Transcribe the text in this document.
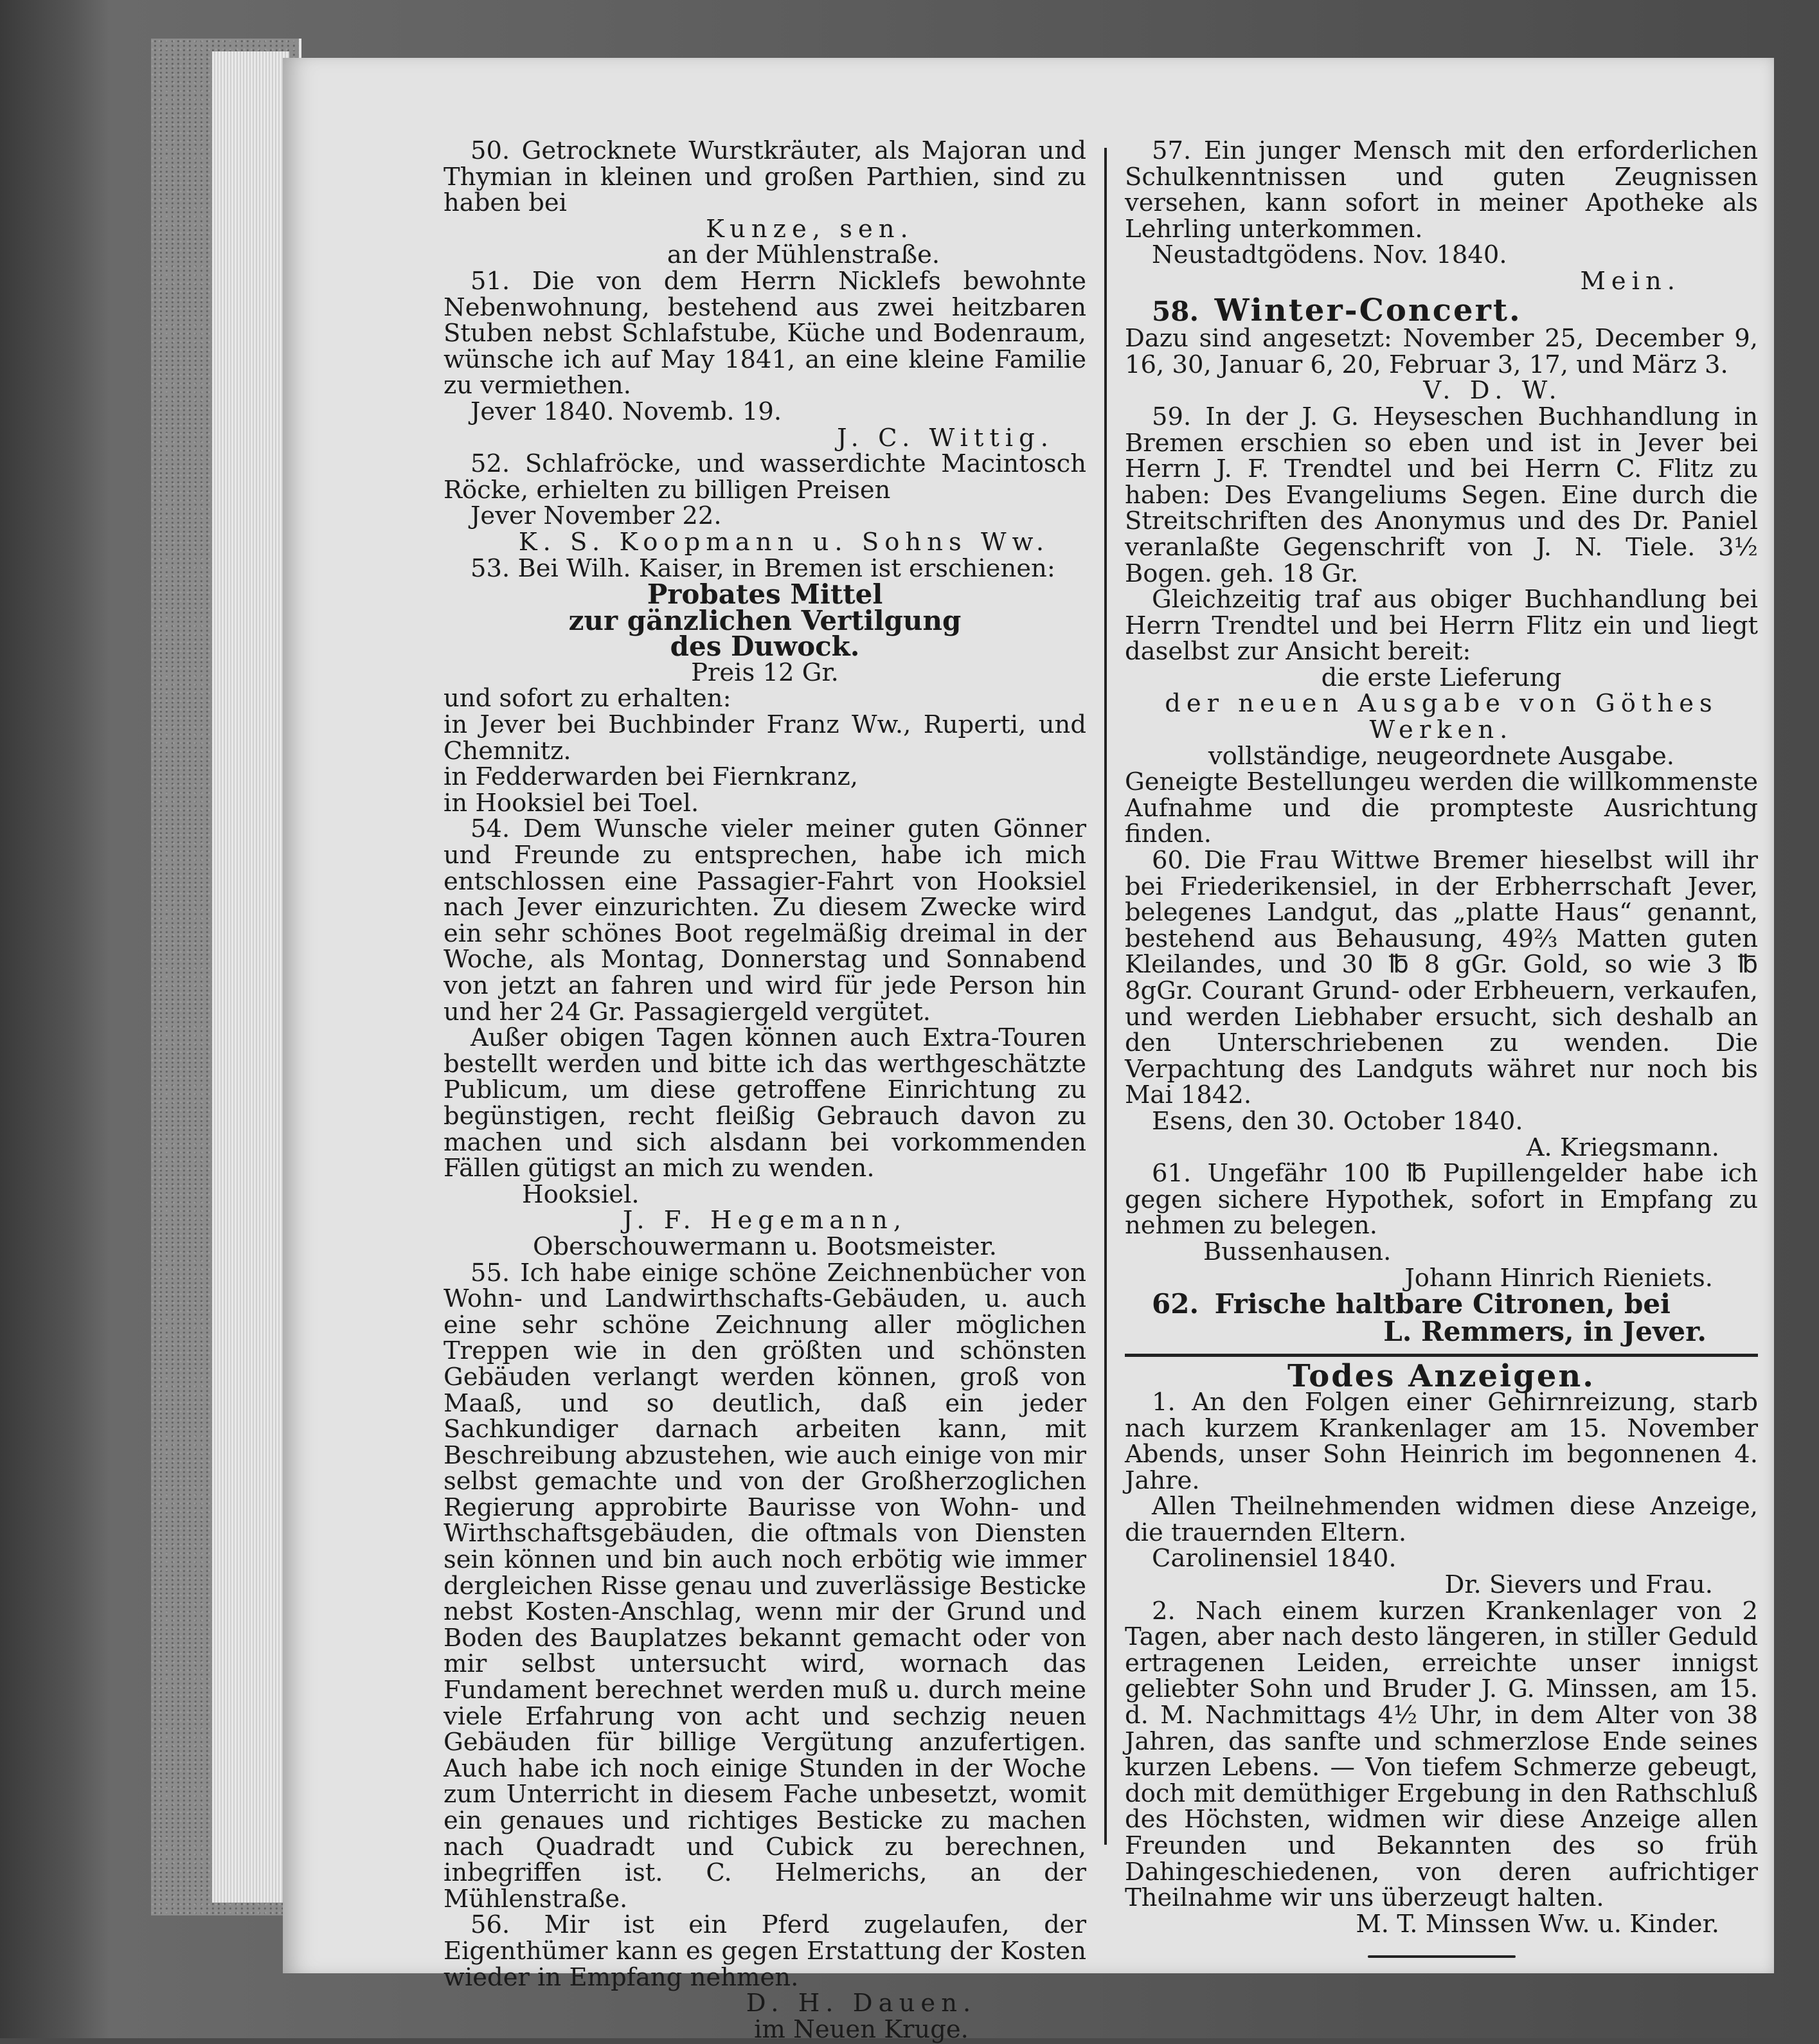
50. Getrocknete Wurstkräuter, als Majoran und Thymian in kleinen und großen Parthien, sind zu haben bei

Kunze, sen.

an der Mühlenstraße.

51. Die von dem Herrn Nicklefs bewohnte Nebenwohnung, bestehend aus zwei heitzbaren Stuben nebst Schlafstube, Küche und Bodenraum, wünsche ich auf May 1841, an eine kleine Familie zu vermiethen.

Jever 1840. Novemb. 19.

J. C. Wittig.

52. Schlafröcke, und wasserdichte Macintosch Röcke, erhielten zu billigen Preisen

Jever November 22.

K. S. Koopmann u. Sohns Ww.

53. Bei Wilh. Kaiser, in Bremen ist erschienen:

Probates Mittel

zur gänzlichen Vertilgung

des Duwock.

Preis 12 Gr.

und sofort zu erhalten:

in Jever bei Buchbinder Franz Ww., Ruperti, und Chemnitz.

in Fedderwarden bei Fiernkranz,

in Hooksiel bei Toel.

54. Dem Wunsche vieler meiner guten Gönner und Freunde zu entsprechen, habe ich mich entschlossen eine Passagier-Fahrt von Hooksiel nach Jever einzurichten. Zu diesem Zwecke wird ein sehr schönes Boot regelmäßig dreimal in der Woche, als Montag, Donnerstag und Sonnabend von jetzt an fahren und wird für jede Person hin und her 24 Gr. Passagiergeld vergütet.

Außer obigen Tagen können auch Extra-Touren bestellt werden und bitte ich das werthgeschätzte Publicum, um diese getroffene Einrichtung zu begünstigen, recht fleißig Gebrauch davon zu machen und sich alsdann bei vorkommenden Fällen gütigst an mich zu wenden.

Hooksiel.

J. F. Hegemann,

Oberschouwermann u. Bootsmeister.

55. Ich habe einige schöne Zeichnenbücher von Wohn- und Landwirthschafts-Gebäuden, u. auch eine sehr schöne Zeichnung aller möglichen Treppen wie in den größten und schönsten Gebäuden verlangt werden können, groß von Maaß, und so deutlich, daß ein jeder Sachkundiger darnach arbeiten kann, mit Beschreibung abzustehen, wie auch einige von mir selbst gemachte und von der Großherzoglichen Regierung approbirte Baurisse von Wohn- und Wirthschaftsgebäuden, die oftmals von Diensten sein können und bin auch noch erbötig wie immer dergleichen Risse genau und zuverlässige Besticke nebst Kosten-Anschlag, wenn mir der Grund und Boden des Bauplatzes bekannt gemacht oder von mir selbst untersucht wird, wornach das Fundament berechnet werden muß u. durch meine viele Erfahrung von acht und sechzig neuen Gebäuden für billige Vergütung anzufertigen. Auch habe ich noch einige Stunden in der Woche zum Unterricht in diesem Fache unbesetzt, womit ein genaues und richtiges Besticke zu machen nach Quadradt und Cubick zu berechnen, inbegriffen ist. C. Helmerichs, an der Mühlenstraße.

56. Mir ist ein Pferd zugelaufen, der Eigenthümer kann es gegen Erstattung der Kosten wieder in Empfang nehmen.

D. H. Dauen.

im Neuen Kruge.

57. Ein junger Mensch mit den erforderlichen Schulkenntnissen und guten Zeugnissen versehen, kann sofort in meiner Apotheke als Lehrling unterkommen.

Neustadtgödens. Nov. 1840.

Mein.

58. Winter-Concert.

Dazu sind angesetzt: November 25, December 9, 16, 30, Januar 6, 20, Februar 3, 17, und März 3.

V. D. W.

59. In der J. G. Heyseschen Buchhandlung in Bremen erschien so eben und ist in Jever bei Herrn J. F. Trendtel und bei Herrn C. Flitz zu haben: Des Evangeliums Segen. Eine durch die Streitschriften des Anonymus und des Dr. Paniel veranlaßte Gegenschrift von J. N. Tiele. 3½ Bogen. geh. 18 Gr.

Gleichzeitig traf aus obiger Buchhandlung bei Herrn Trendtel und bei Herrn Flitz ein und liegt daselbst zur Ansicht bereit:

die erste Lieferung

der neuen Ausgabe von Göthes Werken.

vollständige, neugeordnete Ausgabe.

Geneigte Bestellungeu werden die willkommenste Aufnahme und die prompteste Ausrichtung finden.

60. Die Frau Wittwe Bremer hieselbst will ihr bei Friederikensiel, in der Erbherrschaft Jever, belegenes Landgut, das „platte Haus“ genannt, bestehend aus Behausung, 49⅔ Matten guten Kleilandes, und 30 ℔ 8 gGr. Gold, so wie 3 ℔ 8gGr. Courant Grund- oder Erbheuern, verkaufen, und werden Liebhaber ersucht, sich deshalb an den Unterschriebenen zu wenden. Die Verpachtung des Landguts währet nur noch bis Mai 1842.

Esens, den 30. October 1840.

A. Kriegsmann.

61. Ungefähr 100 ℔ Pupillengelder habe ich gegen sichere Hypothek, sofort in Empfang zu nehmen zu belegen.

Bussenhausen.

Johann Hinrich Rieniets.

62. Frische haltbare Citronen, bei

L. Remmers, in Jever.

Todes Anzeigen.

1. An den Folgen einer Gehirnreizung, starb nach kurzem Krankenlager am 15. November Abends, unser Sohn Heinrich im begonnenen 4. Jahre.

Allen Theilnehmenden widmen diese Anzeige, die trauernden Eltern.

Carolinensiel 1840.

Dr. Sievers und Frau.

2. Nach einem kurzen Krankenlager von 2 Tagen, aber nach desto längeren, in stiller Geduld ertragenen Leiden, erreichte unser innigst geliebter Sohn und Bruder J. G. Minssen, am 15. d. M. Nachmittags 4½ Uhr, in dem Alter von 38 Jahren, das sanfte und schmerzlose Ende seines kurzen Lebens. — Von tiefem Schmerze gebeugt, doch mit demüthiger Ergebung in den Rathschluß des Höchsten, widmen wir diese Anzeige allen Freunden und Bekannten des so früh Dahingeschiedenen, von deren aufrichtiger Theilnahme wir uns überzeugt halten.

M. T. Minssen Ww. u. Kinder.
